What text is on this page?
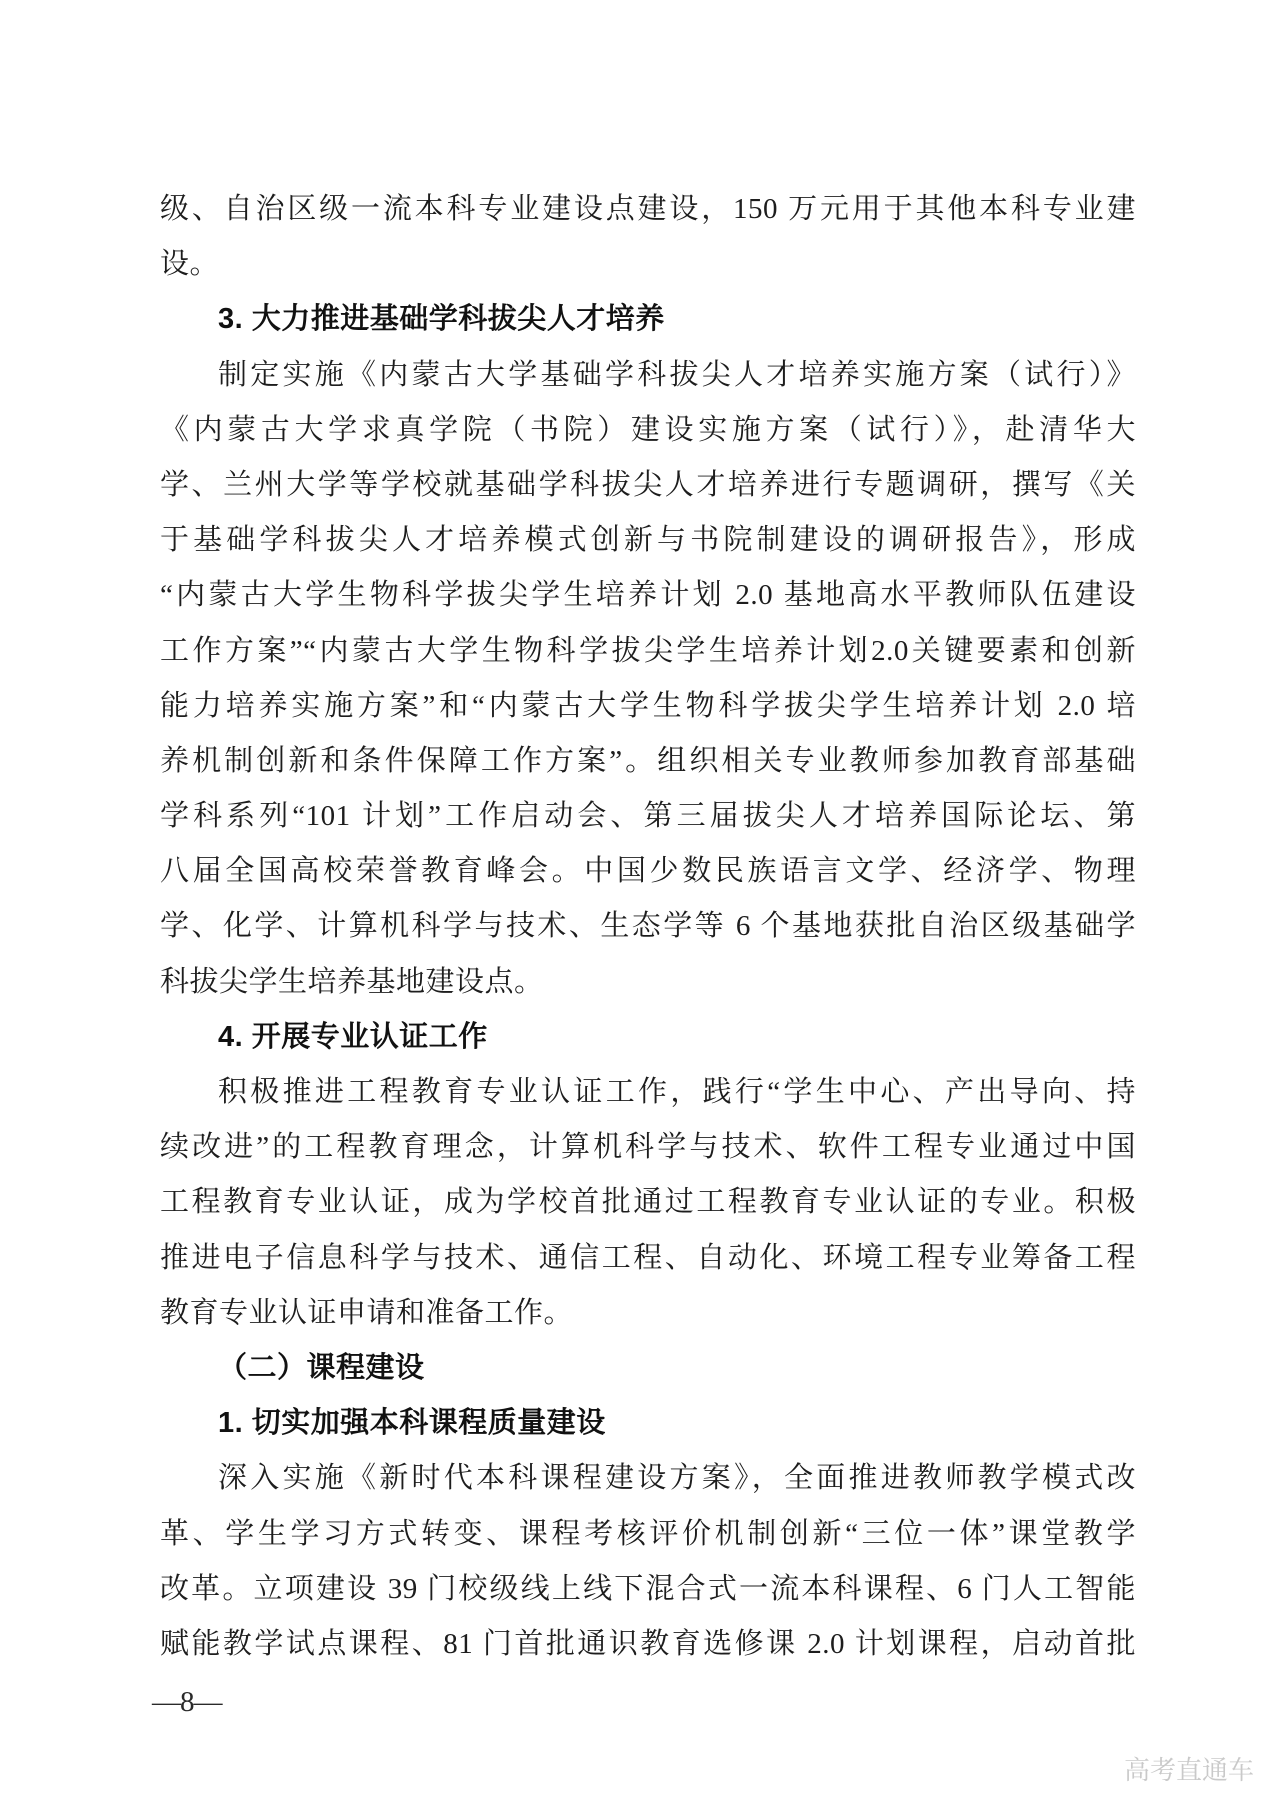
级、自治区级一流本科专业建设点建设，150 万元用于其他本科专业建
设。
3. 大力推进基础学科拔尖人才培养
制定实施《内蒙古大学基础学科拔尖人才培养实施方案（试行）》
《内蒙古大学求真学院（书院）建设实施方案（试行）》，赴清华大
学、兰州大学等学校就基础学科拔尖人才培养进行专题调研，撰写《关
于基础学科拔尖人才培养模式创新与书院制建设的调研报告》，形成
“内蒙古大学生物科学拔尖学生培养计划 2.0 基地高水平教师队伍建设
工作方案”“内蒙古大学生物科学拔尖学生培养计划2.0关键要素和创新
能力培养实施方案”和“内蒙古大学生物科学拔尖学生培养计划 2.0 培
养机制创新和条件保障工作方案”。组织相关专业教师参加教育部基础
学科系列“101 计划”工作启动会、第三届拔尖人才培养国际论坛、第
八届全国高校荣誉教育峰会。中国少数民族语言文学、经济学、物理
学、化学、计算机科学与技术、生态学等 6 个基地获批自治区级基础学
科拔尖学生培养基地建设点。
4. 开展专业认证工作
积极推进工程教育专业认证工作，践行“学生中心、产出导向、持
续改进”的工程教育理念，计算机科学与技术、软件工程专业通过中国
工程教育专业认证，成为学校首批通过工程教育专业认证的专业。积极
推进电子信息科学与技术、通信工程、自动化、环境工程专业筹备工程
教育专业认证申请和准备工作。
（二）课程建设
1. 切实加强本科课程质量建设
深入实施《新时代本科课程建设方案》，全面推进教师教学模式改
革、学生学习方式转变、课程考核评价机制创新“三位一体”课堂教学
改革。立项建设 39 门校级线上线下混合式一流本科课程、6 门人工智能
赋能教学试点课程、81 门首批通识教育选修课 2.0 计划课程，启动首批
—8—
高考直通车
